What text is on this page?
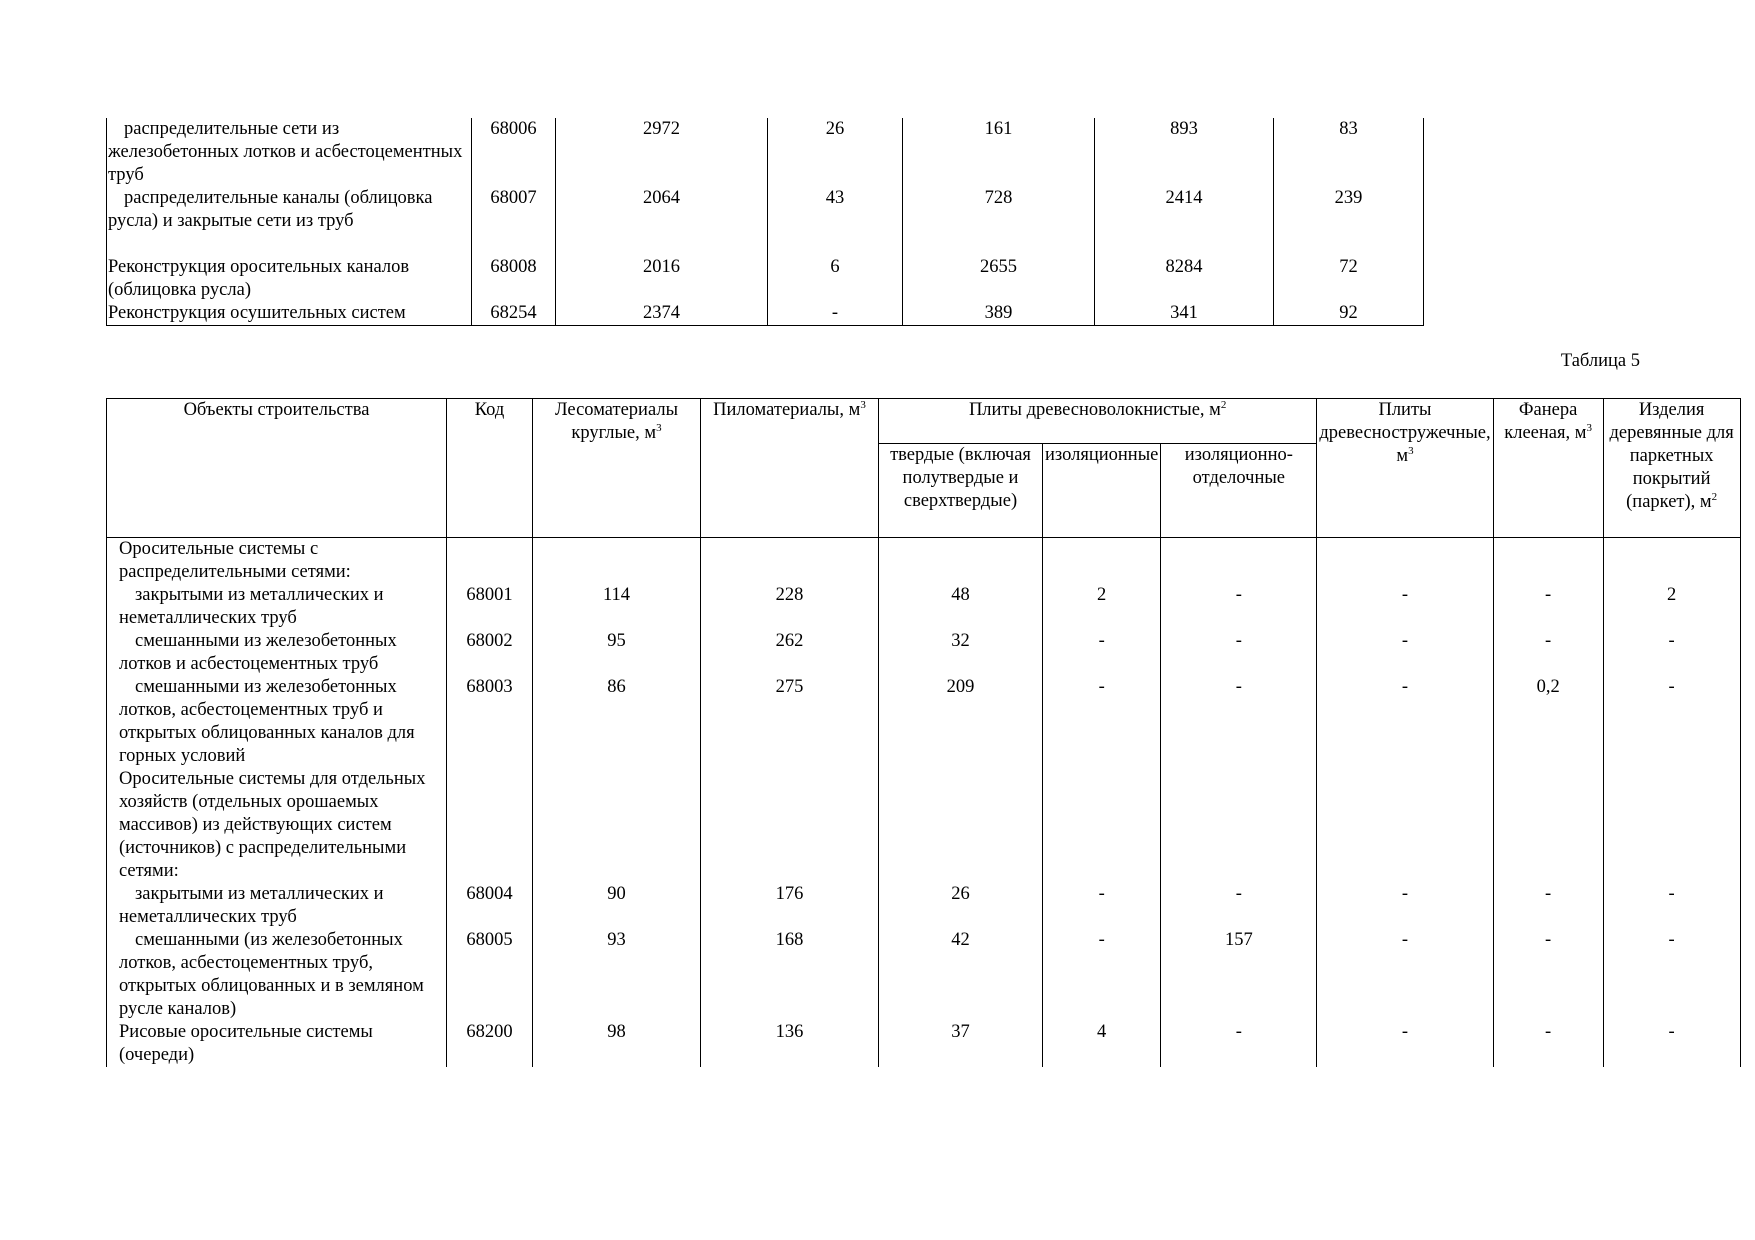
распределительные сети из железобетонных лотков и асбестоцементных труб	68006	2972	26	161	893	83
распределительные каналы (облицовка русла) и закрытые сети из труб	68007	2064	43	728	2414	239
Реконструкция оросительных каналов (облицовка русла)	68008	2016	6	2655	8284	72
Реконструкция осушительных систем	68254	2374	-	389	341	92
Таблица 5
Объекты строительства	Код	Лесоматериалы круглые, $м^3$	Пиломатериалы, $м^3$	Плиты древесноволокнистые, $м^2$			Плиты древесностружечные, $м^3$	Фанера клееная, $м^3$	Изделия деревянные для паркетных покрытий (паркет), $м^2$
				твердые (включая полутвердые и сверхтвердые)	изоляционные	изоляционно-отделочные			
Оросительные системы с распределительными сетями:									
закрытыми из металлических и неметаллических труб	68001	114	228	48	2	-	-	-	2
смешанными из железобетонных лотков и асбестоцементных труб	68002	95	262	32	-	-	-	-	-
смешанными из железобетонных лотков, асбестоцементных труб и открытых облицованных каналов для горных условий	68003	86	275	209	-	-	-	0,2	-
Оросительные системы для отдельных хозяйств (отдельных орошаемых массивов) из действующих систем (источников) с распределительными сетями:									
закрытыми из металлических и неметаллических труб	68004	90	176	26	-	-	-	-	-
смешанными (из железобетонных лотков, асбестоцементных труб, открытых облицованных и в земляном русле каналов)	68005	93	168	42	-	157	-	-	-
Рисовые оросительные системы (очереди)	68200	98	136	37	4	-	-	-	-
